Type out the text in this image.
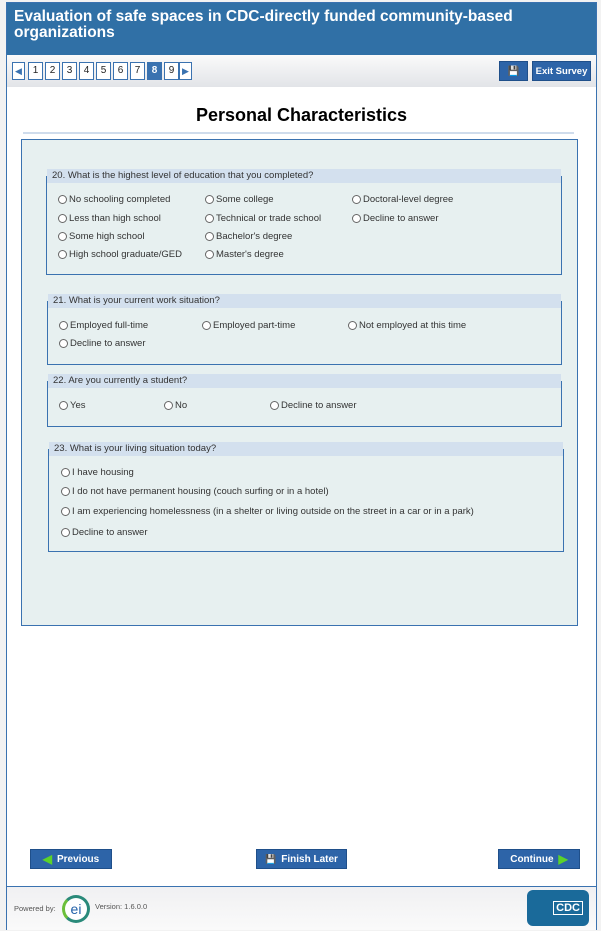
Evaluation of safe spaces in CDC-directly funded community-based organizations
◀	1	2	3	4	5	6	7	8	9 ▶	💾	Exit Survey
Personal Characteristics
20. What is the highest level of education that you completed?
21. What is your current work situation?
22. Are you currently a student?
23. What is your living situation today?
No schooling completed
Less than high school
Some high school
High school graduate/GED
Some college
Technical or trade school
Bachelor's degree
Master's degree
Doctoral-level degree
Decline to answer
Employed full-time	Employed part-time	Not employed at this time
Decline to answer
Yes	No	Decline to answer
I have housing
I do not have permanent housing (couch surfing or in a hotel)
I am experiencing homelessness (in a shelter or living outside on the street in a car or in a park)
Decline to answer
◀ Previous	💾 Finish Later	Continue ▶
Powered by:	ei	Version: 1.6.0.0	CDC
